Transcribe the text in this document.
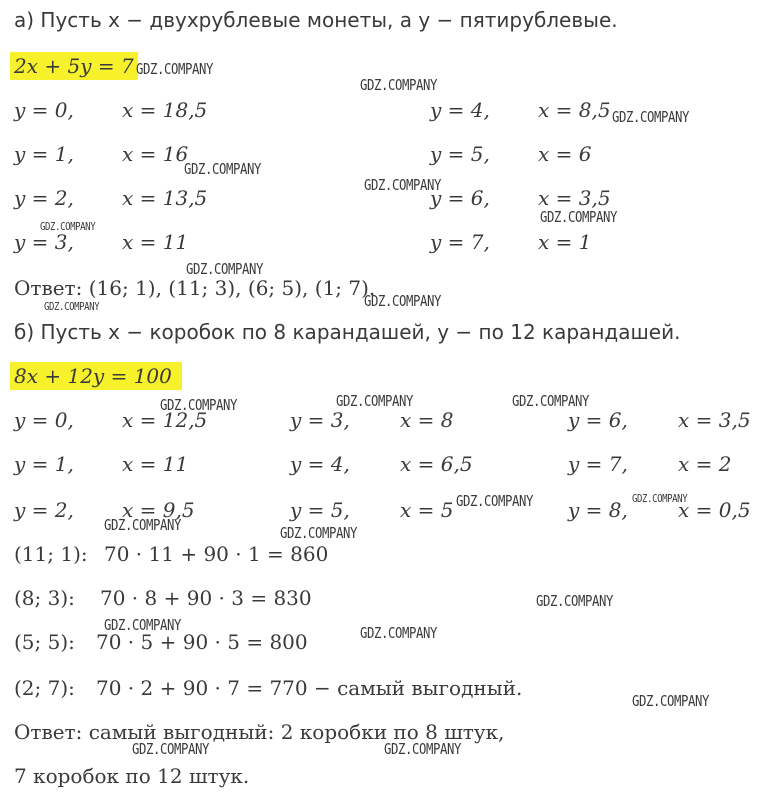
а) Пусть x − двухрублевые монеты, а y − пятирублевые.
2x + 5y = 7
y = 0, x = 18,5
y = 1, x = 16
y = 2, x = 13,5
y = 3, x = 11
y = 4, x = 8,5
y = 5, x = 6
y = 6, x = 3,5
y = 7, x = 1
Ответ: (16; 1), (11; 3), (6; 5), (1; 7).
б) Пусть x − коробок по 8 карандашей, y − по 12 карандашей.
8x + 12y = 100
y = 0, x = 12,5
y = 1, x = 11
y = 2, x = 9,5
y = 3,	x = 8
y = 4,	x = 6,5
y = 5,	x = 5
y = 6,	x = 3,5
y = 7,	x = 2
y = 8,	x = 0,5
(11; 1): 70 · 11 + 90 · 1 = 860
(8; 3): 70 · 8 + 90 · 3 = 830
(5; 5): 70 · 5 + 90 · 5 = 800
(2; 7): 70 · 2 + 90 · 7 = 770 − самый выгодный.
Ответ: самый выгодный: 2 коробки по 8 штук,
7 коробок по 12 штук.
GDZ.COMPANY
GDZ.COMPANY
GDZ.COMPANY
GDZ.COMPANY
GDZ.COMPANY
GDZ.COMPANY
GDZ.COMPANY
GDZ.COMPANY
GDZ.COMPANY	GDZ.COMPANY
GDZ.COMPANY	GDZ.COMPANY	GDZ.COMPANY
GDZ.COMPANY	GDZ.COMPANY
GDZ.COMPANY	GDZ.COMPANY
GDZ.COMPANY
GDZ.COMPANY	GDZ.COMPANY
GDZ.COMPANY
GDZ.COMPANY	GDZ.COMPANY
